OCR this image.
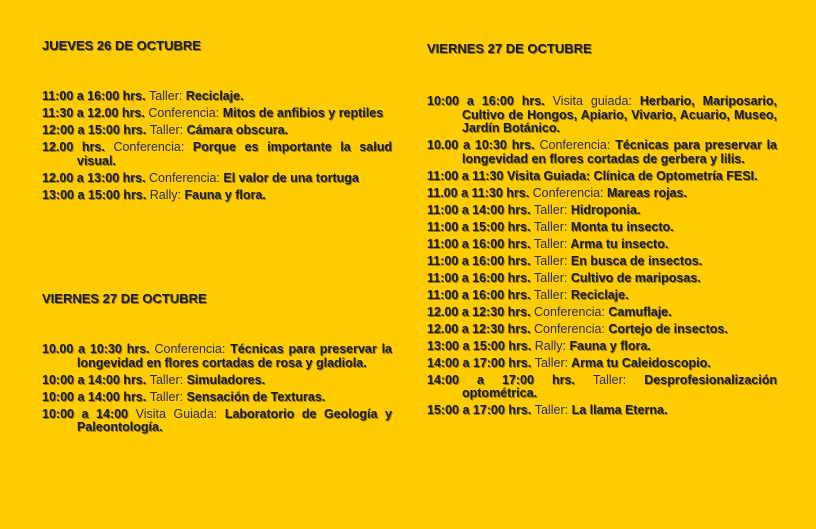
JUEVES 26 DE OCTUBRE

11:00 a 16:00 hrs. Taller: Reciclaje.

11:30 a 12.00 hrs. Conferencia: Mitos de anfibios y reptiles

12:00 a 15:00 hrs. Taller: Cámara obscura.

12.00 hrs. Conferencia: Porque es importante la salud visual.

12.00 a 13:00 hrs. Conferencia: El valor de una tortuga

13:00 a 15:00 hrs. Rally: Fauna y flora.

VIERNES 27 DE OCTUBRE

10.00 a 10:30 hrs. Conferencia: Técnicas para preservar la longevidad en flores cortadas de rosa y gladiola.

10:00 a 14:00 hrs. Taller: Simuladores.

10:00 a 14:00 hrs. Taller: Sensación de Texturas.

10:00 a 14:00 Visita Guiada: Laboratorio de Geología y Paleontología.

VIERNES 27 DE OCTUBRE

10:00 a 16:00 hrs. Visita guiada: Herbario, Mariposario, Cultivo de Hongos, Apiario, Vivario, Acuario, Museo, Jardín Botánico.

10.00 a 10:30 hrs. Conferencia: Técnicas para preservar la longevidad en flores cortadas de gerbera y lilis.

11:00 a 11:30 Visita Guiada: Clínica de Optometría FESI.

11.00 a 11:30 hrs. Conferencia: Mareas rojas.

11:00 a 14:00 hrs. Taller: Hidroponia.

11:00 a 15:00 hrs. Taller: Monta tu insecto.

11:00 a 16:00 hrs. Taller: Arma tu insecto.

11:00 a 16:00 hrs. Taller: En busca de insectos.

11:00 a 16:00 hrs. Taller: Cultivo de mariposas.

11:00 a 16:00 hrs. Taller: Reciclaje.

12.00 a 12:30 hrs. Conferencia: Camuflaje.

12.00 a 12:30 hrs. Conferencia: Cortejo de insectos.

13:00 a 15:00 hrs. Rally: Fauna y flora.

14:00 a 17:00 hrs. Taller: Arma tu Caleidoscopio.

14:00 a 17:00 hrs. Taller: Desprofesionalización optométrica.

15:00 a 17:00 hrs. Taller: La llama Eterna.
